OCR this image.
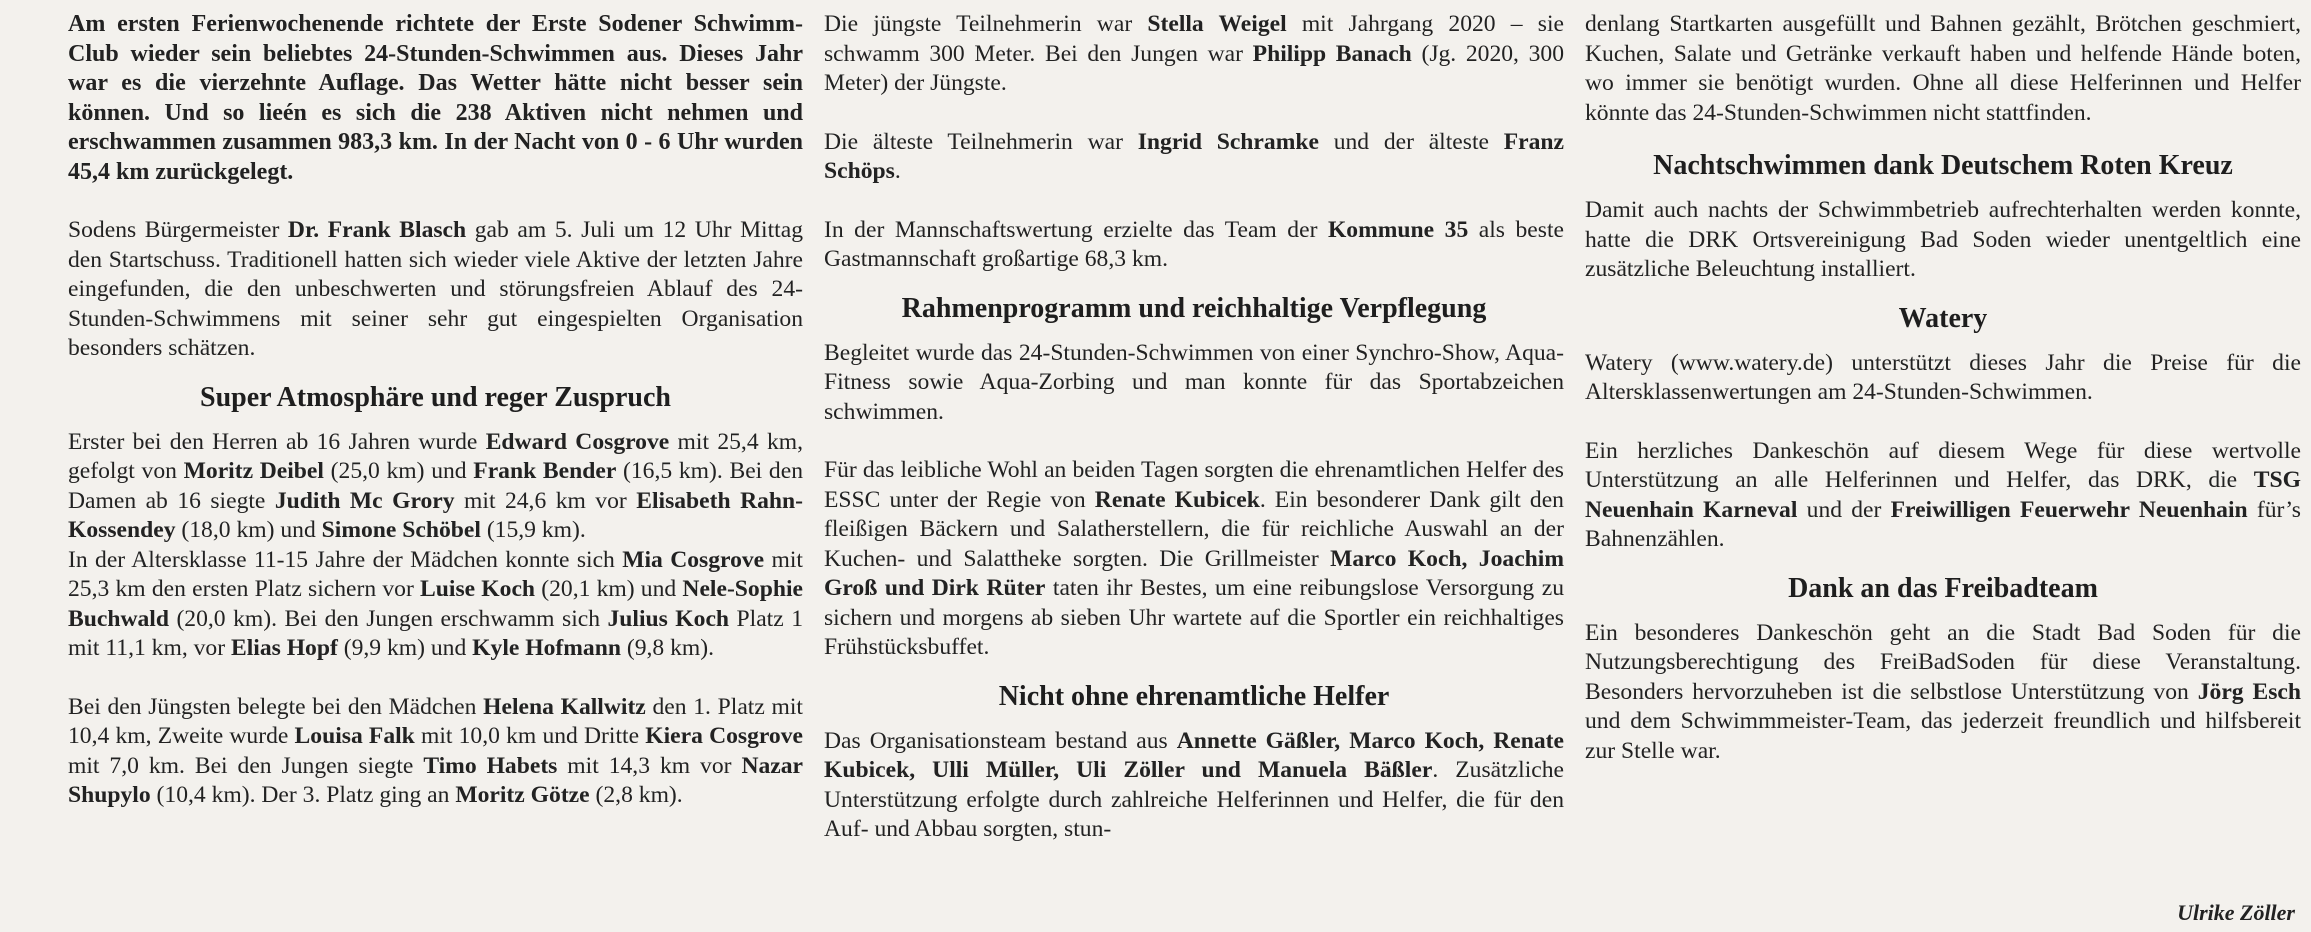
Am ersten Ferienwochenende richtete der Erste Sodener Schwimm-Club wieder sein beliebtes 24-Stunden-Schwimmen aus. Dieses Jahr war es die vierzehnte Auflage. Das Wetter hätte nicht besser sein können. Und so lieén es sich die 238 Aktiven nicht nehmen und erschwammen zusammen 983,3 km. In der Nacht von 0 - 6 Uhr wurden 45,4 km zurückgelegt.

Sodens Bürgermeister Dr. Frank Blasch gab am 5. Juli um 12 Uhr Mittag den Startschuss. Traditionell hatten sich wieder viele Aktive der letzten Jahre eingefunden, die den unbeschwerten und störungsfreien Ablauf des 24-Stunden-Schwimmens mit seiner sehr gut eingespielten Organisation besonders schätzen.

Super Atmosphäre und reger Zuspruch

Erster bei den Herren ab 16 Jahren wurde Edward Cosgrove mit 25,4 km, gefolgt von Moritz Deibel (25,0 km) und Frank Bender (16,5 km). Bei den Damen ab 16 siegte Judith Mc Grory mit 24,6 km vor Elisabeth Rahn-Kossendey (18,0 km) und Simone Schöbel (15,9 km).

In der Altersklasse 11-15 Jahre der Mädchen konnte sich Mia Cosgrove mit 25,3 km den ersten Platz sichern vor Luise Koch (20,1 km) und Nele-Sophie Buchwald (20,0 km). Bei den Jungen erschwamm sich Julius Koch Platz 1 mit 11,1 km, vor Elias Hopf (9,9 km) und Kyle Hofmann (9,8 km).

Bei den Jüngsten belegte bei den Mädchen Helena Kallwitz den 1. Platz mit 10,4 km, Zweite wurde Louisa Falk mit 10,0 km und Dritte Kiera Cosgrove mit 7,0 km. Bei den Jungen siegte Timo Habets mit 14,3 km vor Nazar Shupylo (10,4 km). Der 3. Platz ging an Moritz Götze (2,8 km).

Die jüngste Teilnehmerin war Stella Weigel mit Jahrgang 2020 – sie schwamm 300 Meter. Bei den Jungen war Philipp Banach (Jg. 2020, 300 Meter) der Jüngste.

Die älteste Teilnehmerin war Ingrid Schramke und der älteste Franz Schöps.

In der Mannschaftswertung erzielte das Team der Kommune 35 als beste Gastmannschaft großartige 68,3 km.

Rahmenprogramm und reichhaltige Verpflegung

Begleitet wurde das 24-Stunden-Schwimmen von einer Synchro-Show, Aqua-Fitness sowie Aqua-Zorbing und man konnte für das Sportabzeichen schwimmen.

Für das leibliche Wohl an beiden Tagen sorgten die ehrenamtlichen Helfer des ESSC unter der Regie von Renate Kubicek. Ein besonderer Dank gilt den fleißigen Bäckern und Salatherstellern, die für reichliche Auswahl an der Kuchen- und Salattheke sorgten. Die Grillmeister Marco Koch, Joachim Groß und Dirk Rüter taten ihr Bestes, um eine reibungslose Versorgung zu sichern und morgens ab sieben Uhr wartete auf die Sportler ein reichhaltiges Frühstücksbuffet.

Nicht ohne ehrenamtliche Helfer

Das Organisationsteam bestand aus Annette Gäßler, Marco Koch, Renate Kubicek, Ulli Müller, Uli Zöller und Manuela Bäßler. Zusätzliche Unterstützung erfolgte durch zahlreiche Helferinnen und Helfer, die für den Auf- und Abbau sorgten, stun-

denlang Startkarten ausgefüllt und Bahnen gezählt, Brötchen geschmiert, Kuchen, Salate und Getränke verkauft haben und helfende Hände boten, wo immer sie benötigt wurden. Ohne all diese Helferinnen und Helfer könnte das 24-Stunden-Schwimmen nicht stattfinden.

Nachtschwimmen dank Deutschem Roten Kreuz

Damit auch nachts der Schwimmbetrieb aufrechterhalten werden konnte, hatte die DRK Ortsvereinigung Bad Soden wieder unentgeltlich eine zusätzliche Beleuchtung installiert.

Watery

Watery (www.watery.de) unterstützt dieses Jahr die Preise für die Altersklassenwertungen am 24-Stunden-Schwimmen.

Ein herzliches Dankeschön auf diesem Wege für diese wertvolle Unterstützung an alle Helferinnen und Helfer, das DRK, die TSG Neuenhain Karneval und der Freiwilligen Feuerwehr Neuenhain für’s Bahnenzählen.

Dank an das Freibadteam

Ein besonderes Dankeschön geht an die Stadt Bad Soden für die Nutzungsberechtigung des FreiBadSoden für diese Veranstaltung. Besonders hervorzuheben ist die selbstlose Unterstützung von Jörg Esch und dem Schwimmmeister-Team, das jederzeit freundlich und hilfsbereit zur Stelle war.

Ulrike Zöller
